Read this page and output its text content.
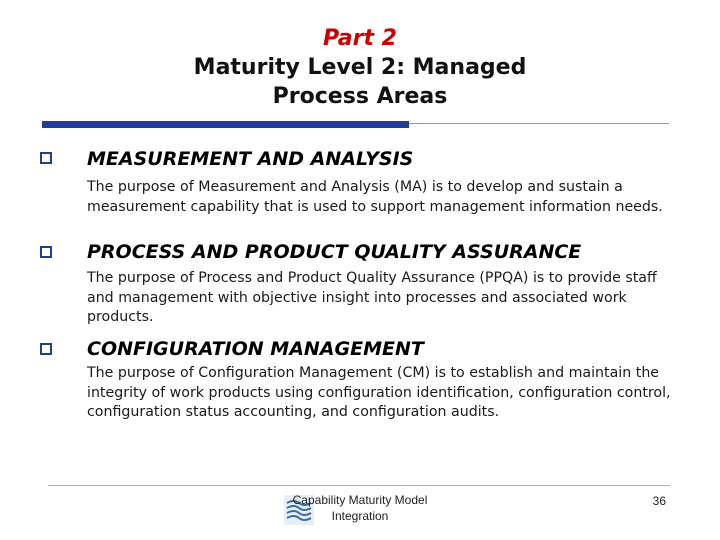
Part 2
Maturity Level 2: Managed Process Areas
MEASUREMENT AND ANALYSIS
The purpose of Measurement and Analysis (MA) is to develop and sustain a measurement capability that is used to support management information needs.
PROCESS AND PRODUCT QUALITY ASSURANCE
The purpose of Process and Product Quality Assurance (PPQA) is to provide staff and management with objective insight into processes and associated work products.
CONFIGURATION MANAGEMENT
The purpose of Configuration Management (CM) is to establish and maintain the integrity of work products using configuration identification, configuration control, configuration status accounting, and configuration audits.
Capability Maturity Model
Integration
36
